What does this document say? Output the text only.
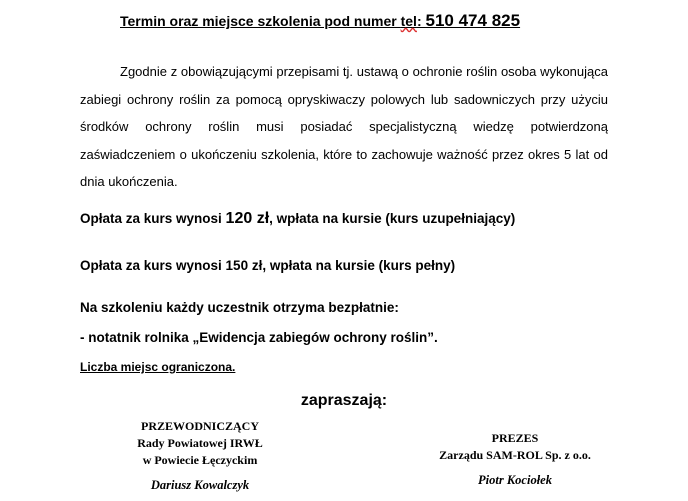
Termin oraz miejsce szkolenia pod numer tel: 510 474 825
Zgodnie z obowiązującymi przepisami tj. ustawą o ochronie roślin osoba wykonująca zabiegi ochrony roślin za pomocą opryskiwaczy polowych lub sadowniczych przy użyciu środków ochrony roślin musi posiadać specjalistyczną wiedzę potwierdzoną zaświadczeniem o ukończeniu szkolenia, które to zachowuje ważność przez okres 5 lat od dnia ukończenia.
Opłata za kurs wynosi 120 zł, wpłata na kursie (kurs uzupełniający)
Opłata za kurs wynosi 150 zł, wpłata na kursie (kurs pełny)
Na szkoleniu każdy uczestnik otrzyma bezpłatnie:
- notatnik rolnika „Ewidencja zabiegów ochrony roślin”.
Liczba miejsc ograniczona.
zapraszają:
PRZEWODNICZĄCY
Rady Powiatowej IRWŁ
w Powiecie Łęczyckim
Dariusz Kowalczyk
PREZES
Zarządu SAM-ROL Sp. z o.o.
Piotr Kociołek
